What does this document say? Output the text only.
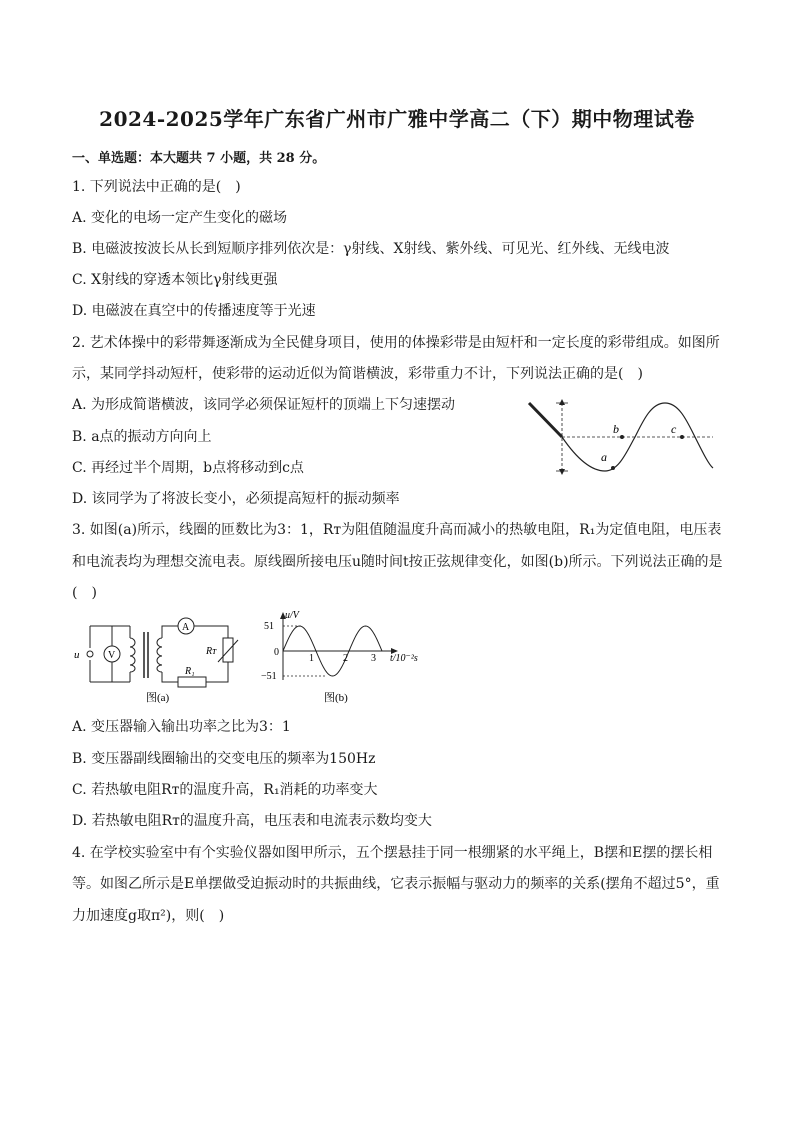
2024-2025学年广东省广州市广雅中学高二（下）期中物理试卷
一、单选题：本大题共 7 小题，共 28 分。
1. 下列说法中正确的是(　)
A. 变化的电场一定产生变化的磁场
B. 电磁波按波长从长到短顺序排列依次是：γ射线、X射线、紫外线、可见光、红外线、无线电波
C. X射线的穿透本领比γ射线更强
D. 电磁波在真空中的传播速度等于光速
2. 艺术体操中的彩带舞逐渐成为全民健身项目，使用的体操彩带是由短杆和一定长度的彩带组成。如图所
示，某同学抖动短杆，使彩带的运动近似为简谐横波，彩带重力不计，下列说法正确的是(　)
A. 为形成简谐横波，该同学必须保证短杆的顶端上下匀速摆动
B. a点的振动方向向上
C. 再经过半个周期，b点将移动到c点
D. 该同学为了将波长变小，必须提高短杆的振动频率
a
b	c
3. 如图(a)所示，线圈的匝数比为3：1，Rᴛ为阻值随温度升高而减小的热敏电阻，R₁为定值电阻，电压表
和电流表均为理想交流电表。原线圈所接电压u随时间t按正弦规律变化，如图(b)所示。下列说法正确的是
(　)
u	V
A
Rᴛ
R₁
图(a)
u/V
51
0
−51
1	2 3 t/10⁻²s
图(b)
A. 变压器输入输出功率之比为3：1
B. 变压器副线圈输出的交变电压的频率为150Hz
C. 若热敏电阻Rᴛ的温度升高，R₁消耗的功率变大
D. 若热敏电阻Rᴛ的温度升高，电压表和电流表示数均变大
4. 在学校实验室中有个实验仪器如图甲所示，五个摆悬挂于同一根绷紧的水平绳上，B摆和E摆的摆长相
等。如图乙所示是E单摆做受迫振动时的共振曲线，它表示振幅与驱动力的频率的关系(摆角不超过5°，重
力加速度g取π²)，则(　)
